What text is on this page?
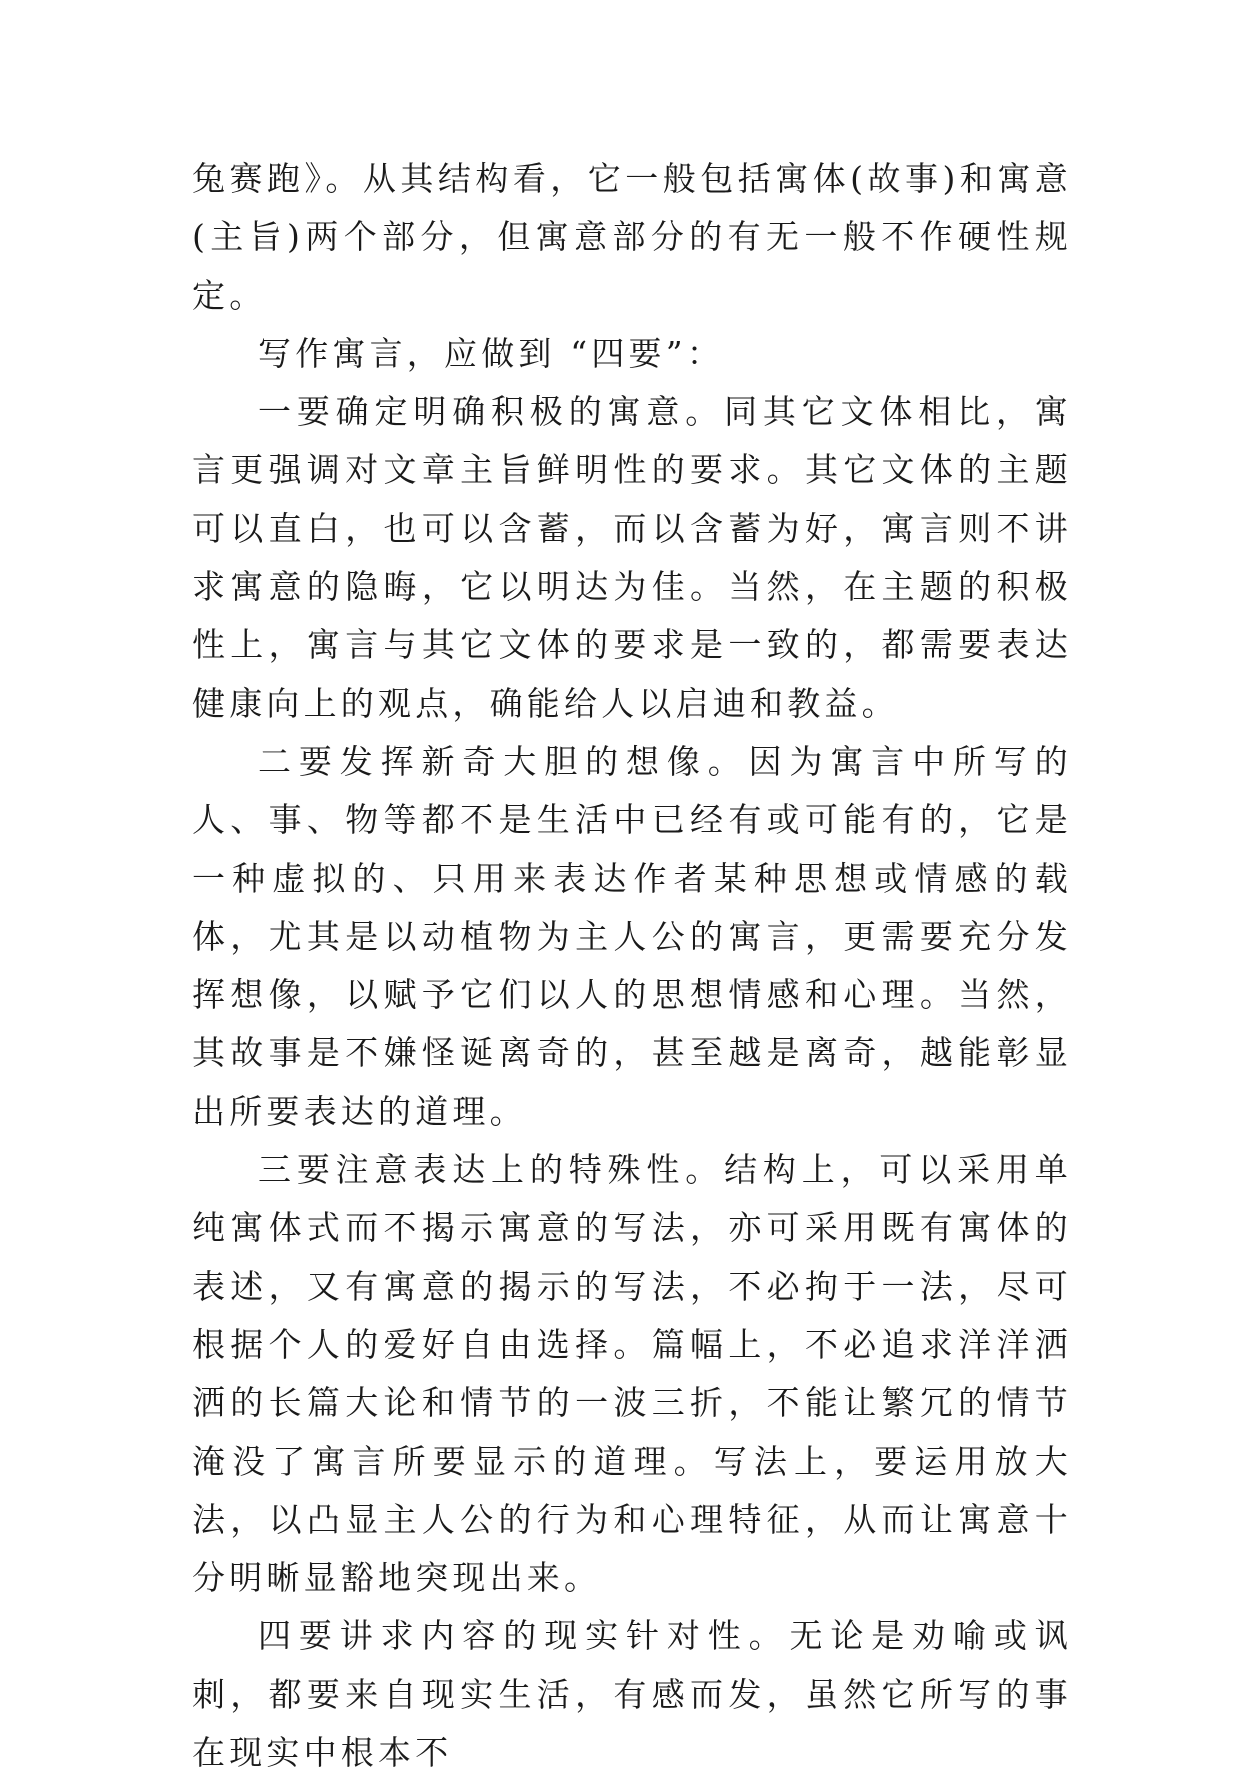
兔赛跑》。从其结构看，它一般包括寓体(故事)和寓意(主旨)两个部分，但寓意部分的有无一般不作硬性规定。

写作寓言，应做到 “四要”：

一要确定明确积极的寓意。同其它文体相比，寓言更强调对文章主旨鲜明性的要求。其它文体的主题可以直白，也可以含蓄，而以含蓄为好，寓言则不讲求寓意的隐晦，它以明达为佳。当然，在主题的积极性上，寓言与其它文体的要求是一致的，都需要表达健康向上的观点，确能给人以启迪和教益。

二要发挥新奇大胆的想像。因为寓言中所写的人、事、物等都不是生活中已经有或可能有的，它是一种虚拟的、只用来表达作者某种思想或情感的载体，尤其是以动植物为主人公的寓言，更需要充分发挥想像，以赋予它们以人的思想情感和心理。当然，其故事是不嫌怪诞离奇的，甚至越是离奇，越能彰显出所要表达的道理。

三要注意表达上的特殊性。结构上，可以采用单纯寓体式而不揭示寓意的写法，亦可采用既有寓体的表述，又有寓意的揭示的写法，不必拘于一法，尽可根据个人的爱好自由选择。篇幅上，不必追求洋洋洒洒的长篇大论和情节的一波三折，不能让繁冗的情节淹没了寓言所要显示的道理。写法上，要运用放大法，以凸显主人公的行为和心理特征，从而让寓意十分明晰显豁地突现出来。

四要讲求内容的现实针对性。无论是劝喻或讽刺，都要来自现实生活，有感而发，虽然它所写的事在现实中根本不
